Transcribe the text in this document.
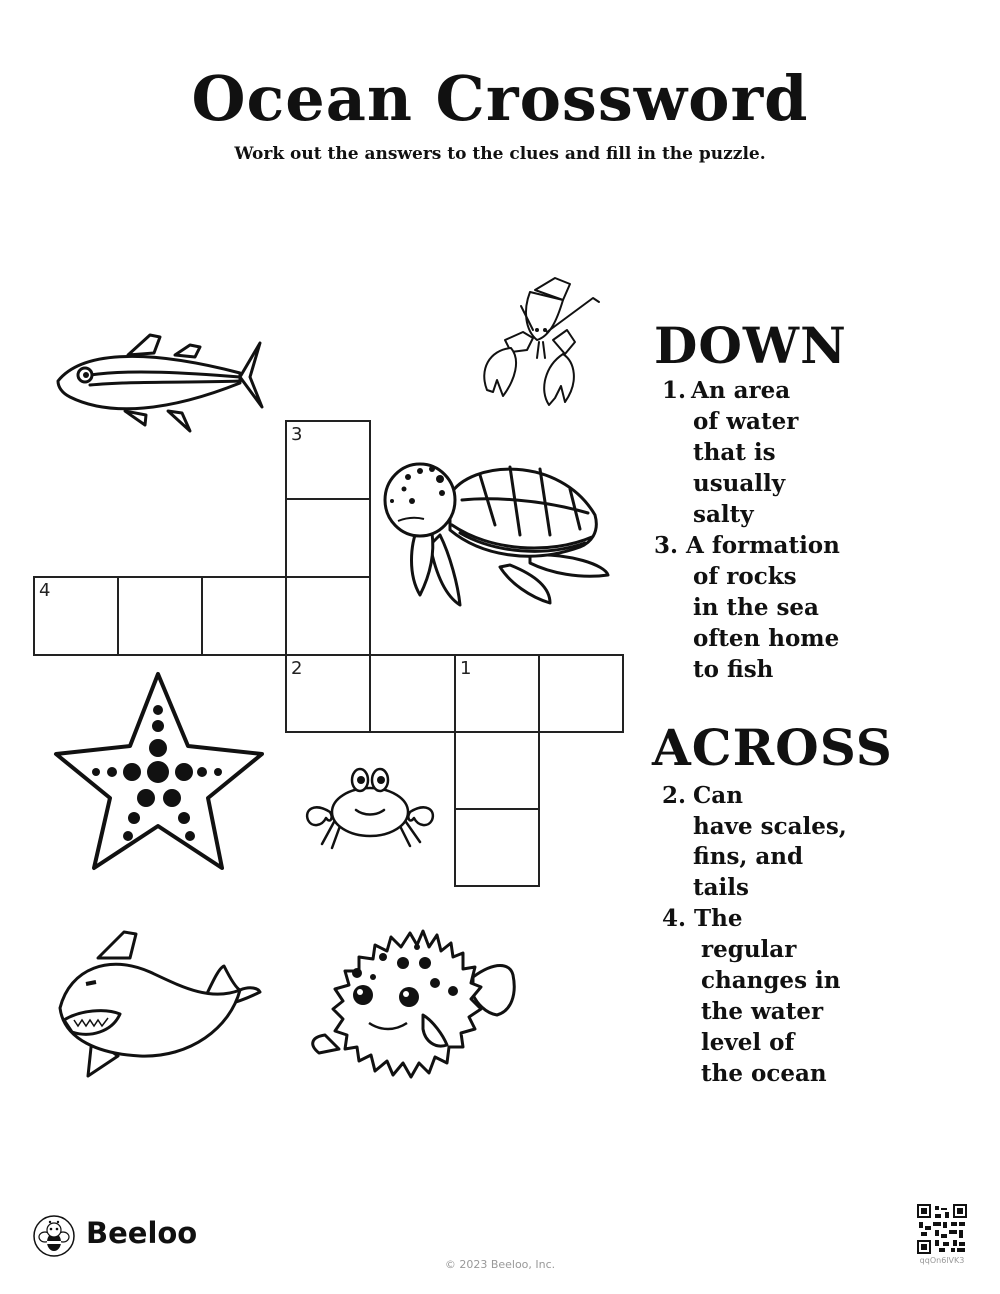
Ocean Crossword
Work out the answers to the clues and fill in the puzzle.
3
4
2	1
DOWN
1. An area
of water
that is
usually
salty
3. A formation
of rocks
in the sea
often home
to fish
ACROSS
2. Can
have scales,
fins, and
tails
4. The
regular
changes in
the water
level of
the ocean
Beeloo
© 2023 Beeloo, Inc.	qqOn6lVK3
